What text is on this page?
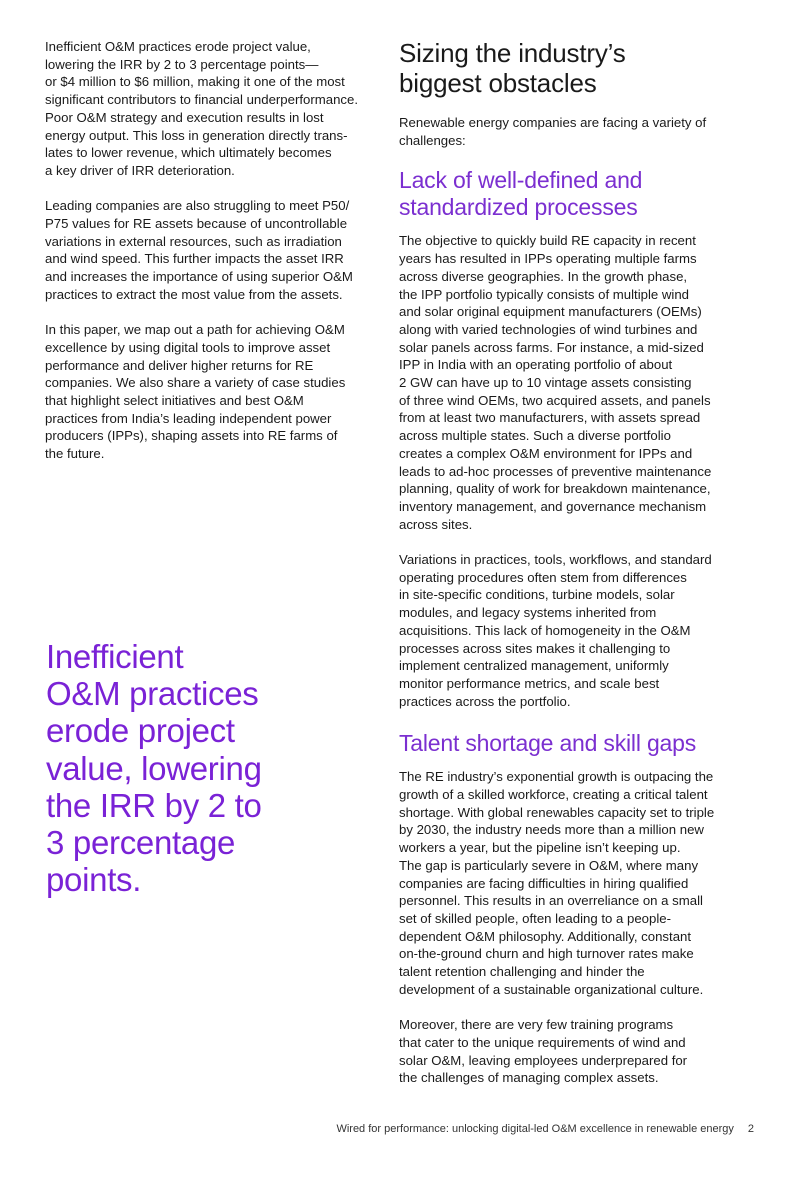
Inefficient O&M practices erode project value,
lowering the IRR by 2 to 3 percentage points—
or $4 million to $6 million, making it one of the most
significant contributors to financial underperformance.
Poor O&M strategy and execution results in lost
energy output. This loss in generation directly trans-
lates to lower revenue, which ultimately becomes
a key driver of IRR deterioration.

Leading companies are also struggling to meet P50/
P75 values for RE assets because of uncontrollable
variations in external resources, such as irradiation
and wind speed. This further impacts the asset IRR
and increases the importance of using superior O&M
practices to extract the most value from the assets.

In this paper, we map out a path for achieving O&M
excellence by using digital tools to improve asset
performance and deliver higher returns for RE
companies. We also share a variety of case studies
that highlight select initiatives and best O&M
practices from India’s leading independent power
producers (IPPs), shaping assets into RE farms of
the future.

Inefficient
O&M practices
erode project
value, lowering
the IRR by 2 to
3 percentage
points.
Sizing the industry’s
biggest obstacles

Renewable energy companies are facing a variety of
challenges:

Lack of well-defined and
standardized processes

The objective to quickly build RE capacity in recent
years has resulted in IPPs operating multiple farms
across diverse geographies. In the growth phase,
the IPP portfolio typically consists of multiple wind
and solar original equipment manufacturers (OEMs)
along with varied technologies of wind turbines and
solar panels across farms. For instance, a mid-sized
IPP in India with an operating portfolio of about
2 GW can have up to 10 vintage assets consisting
of three wind OEMs, two acquired assets, and panels
from at least two manufacturers, with assets spread
across multiple states. Such a diverse portfolio
creates a complex O&M environment for IPPs and
leads to ad-hoc processes of preventive maintenance
planning, quality of work for breakdown maintenance,
inventory management, and governance mechanism
across sites.

Variations in practices, tools, workflows, and standard
operating procedures often stem from differences
in site-specific conditions, turbine models, solar
modules, and legacy systems inherited from
acquisitions. This lack of homogeneity in the O&M
processes across sites makes it challenging to
implement centralized management, uniformly
monitor performance metrics, and scale best
practices across the portfolio.

Talent shortage and skill gaps

The RE industry’s exponential growth is outpacing the
growth of a skilled workforce, creating a critical talent
shortage. With global renewables capacity set to triple
by 2030, the industry needs more than a million new
workers a year, but the pipeline isn’t keeping up.
The gap is particularly severe in O&M, where many
companies are facing difficulties in hiring qualified
personnel. This results in an overreliance on a small
set of skilled people, often leading to a people-
dependent O&M philosophy. Additionally, constant
on-the-ground churn and high turnover rates make
talent retention challenging and hinder the
development of a sustainable organizational culture.

Moreover, there are very few training programs
that cater to the unique requirements of wind and
solar O&M, leaving employees underprepared for
the challenges of managing complex assets.

Wired for performance: unlocking digital-led O&M excellence in renewable energy 2
